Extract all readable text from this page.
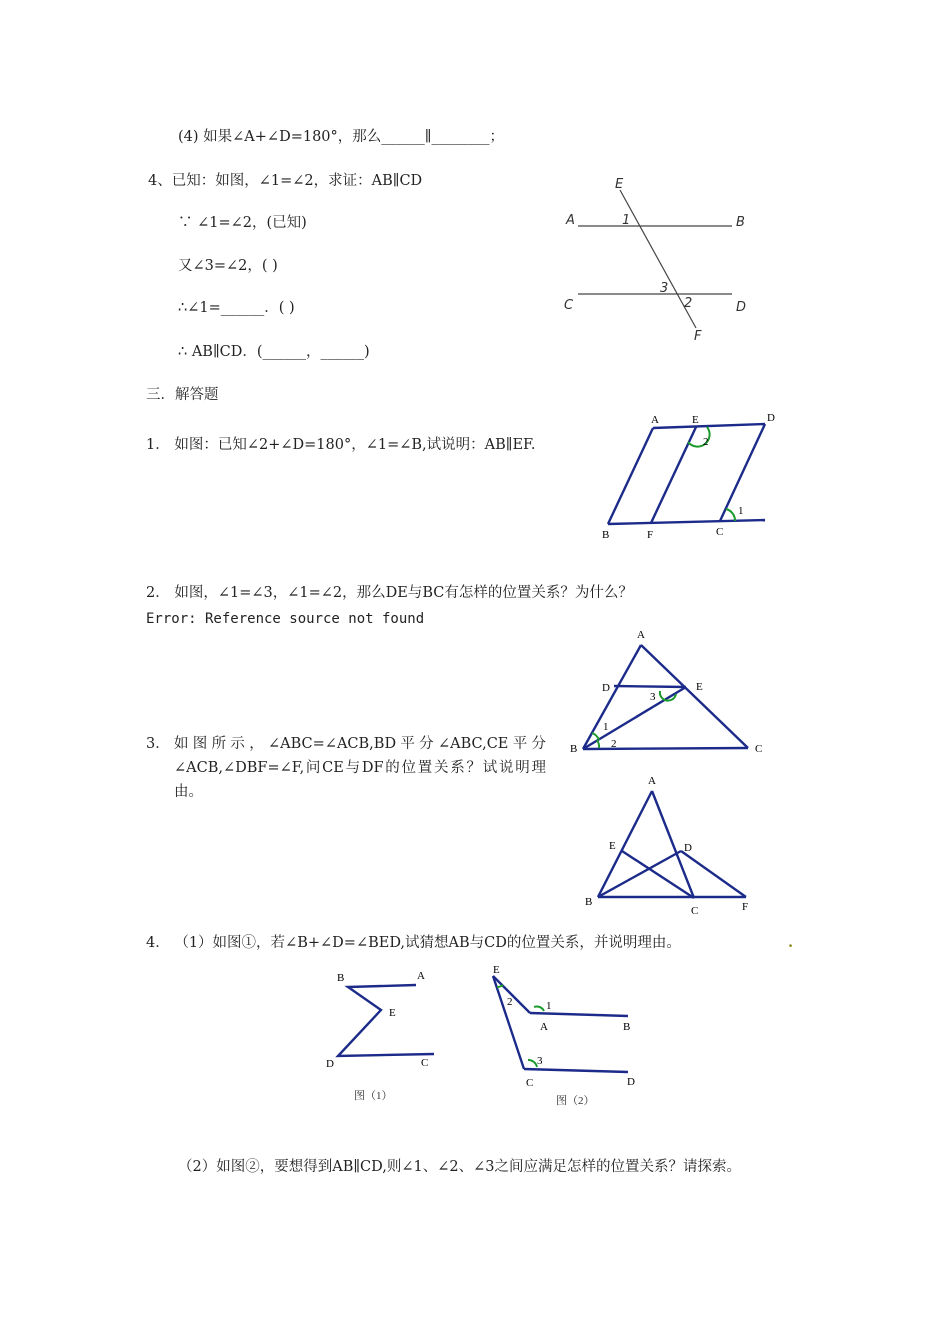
(4) 如果∠A+∠D=180°，那么______∥________；
4、已知：如图，∠1=∠2，求证：AB∥CD
∵ ∠1=∠2，(已知)
又∠3=∠2，( )
∴∠1=______．( )
∴ AB∥CD．(______，______)
E
A	B
C	D
F
1
2
3
三．解答题
1． 如图：已知∠2+∠D=180°，∠1=∠B,试说明：AB∥EF.
A	E	D
2
1
B	F	C
2． 如图，∠1=∠3，∠1=∠2，那么DE与BC有怎样的位置关系？为什么？
Error: Reference source not found
A
D	E
3
1
2
B	C
3． 如图所示，∠ABC=∠ACB,BD平分∠ABC,CE平分∠ACB,∠DBF=∠F,问CE与DF的位置关系？试说明理由。
A
E	D
B
C	F
4． （1）如图①，若∠B+∠D=∠BED,试猜想AB与CD的位置关系，并说明理由。	.
B	A
E
D	C
图（1）
E
2	1
A	B
3
C	D
图（2）
（2）如图②，要想得到AB∥CD,则∠1、∠2、∠3之间应满足怎样的位置关系？请探索。
